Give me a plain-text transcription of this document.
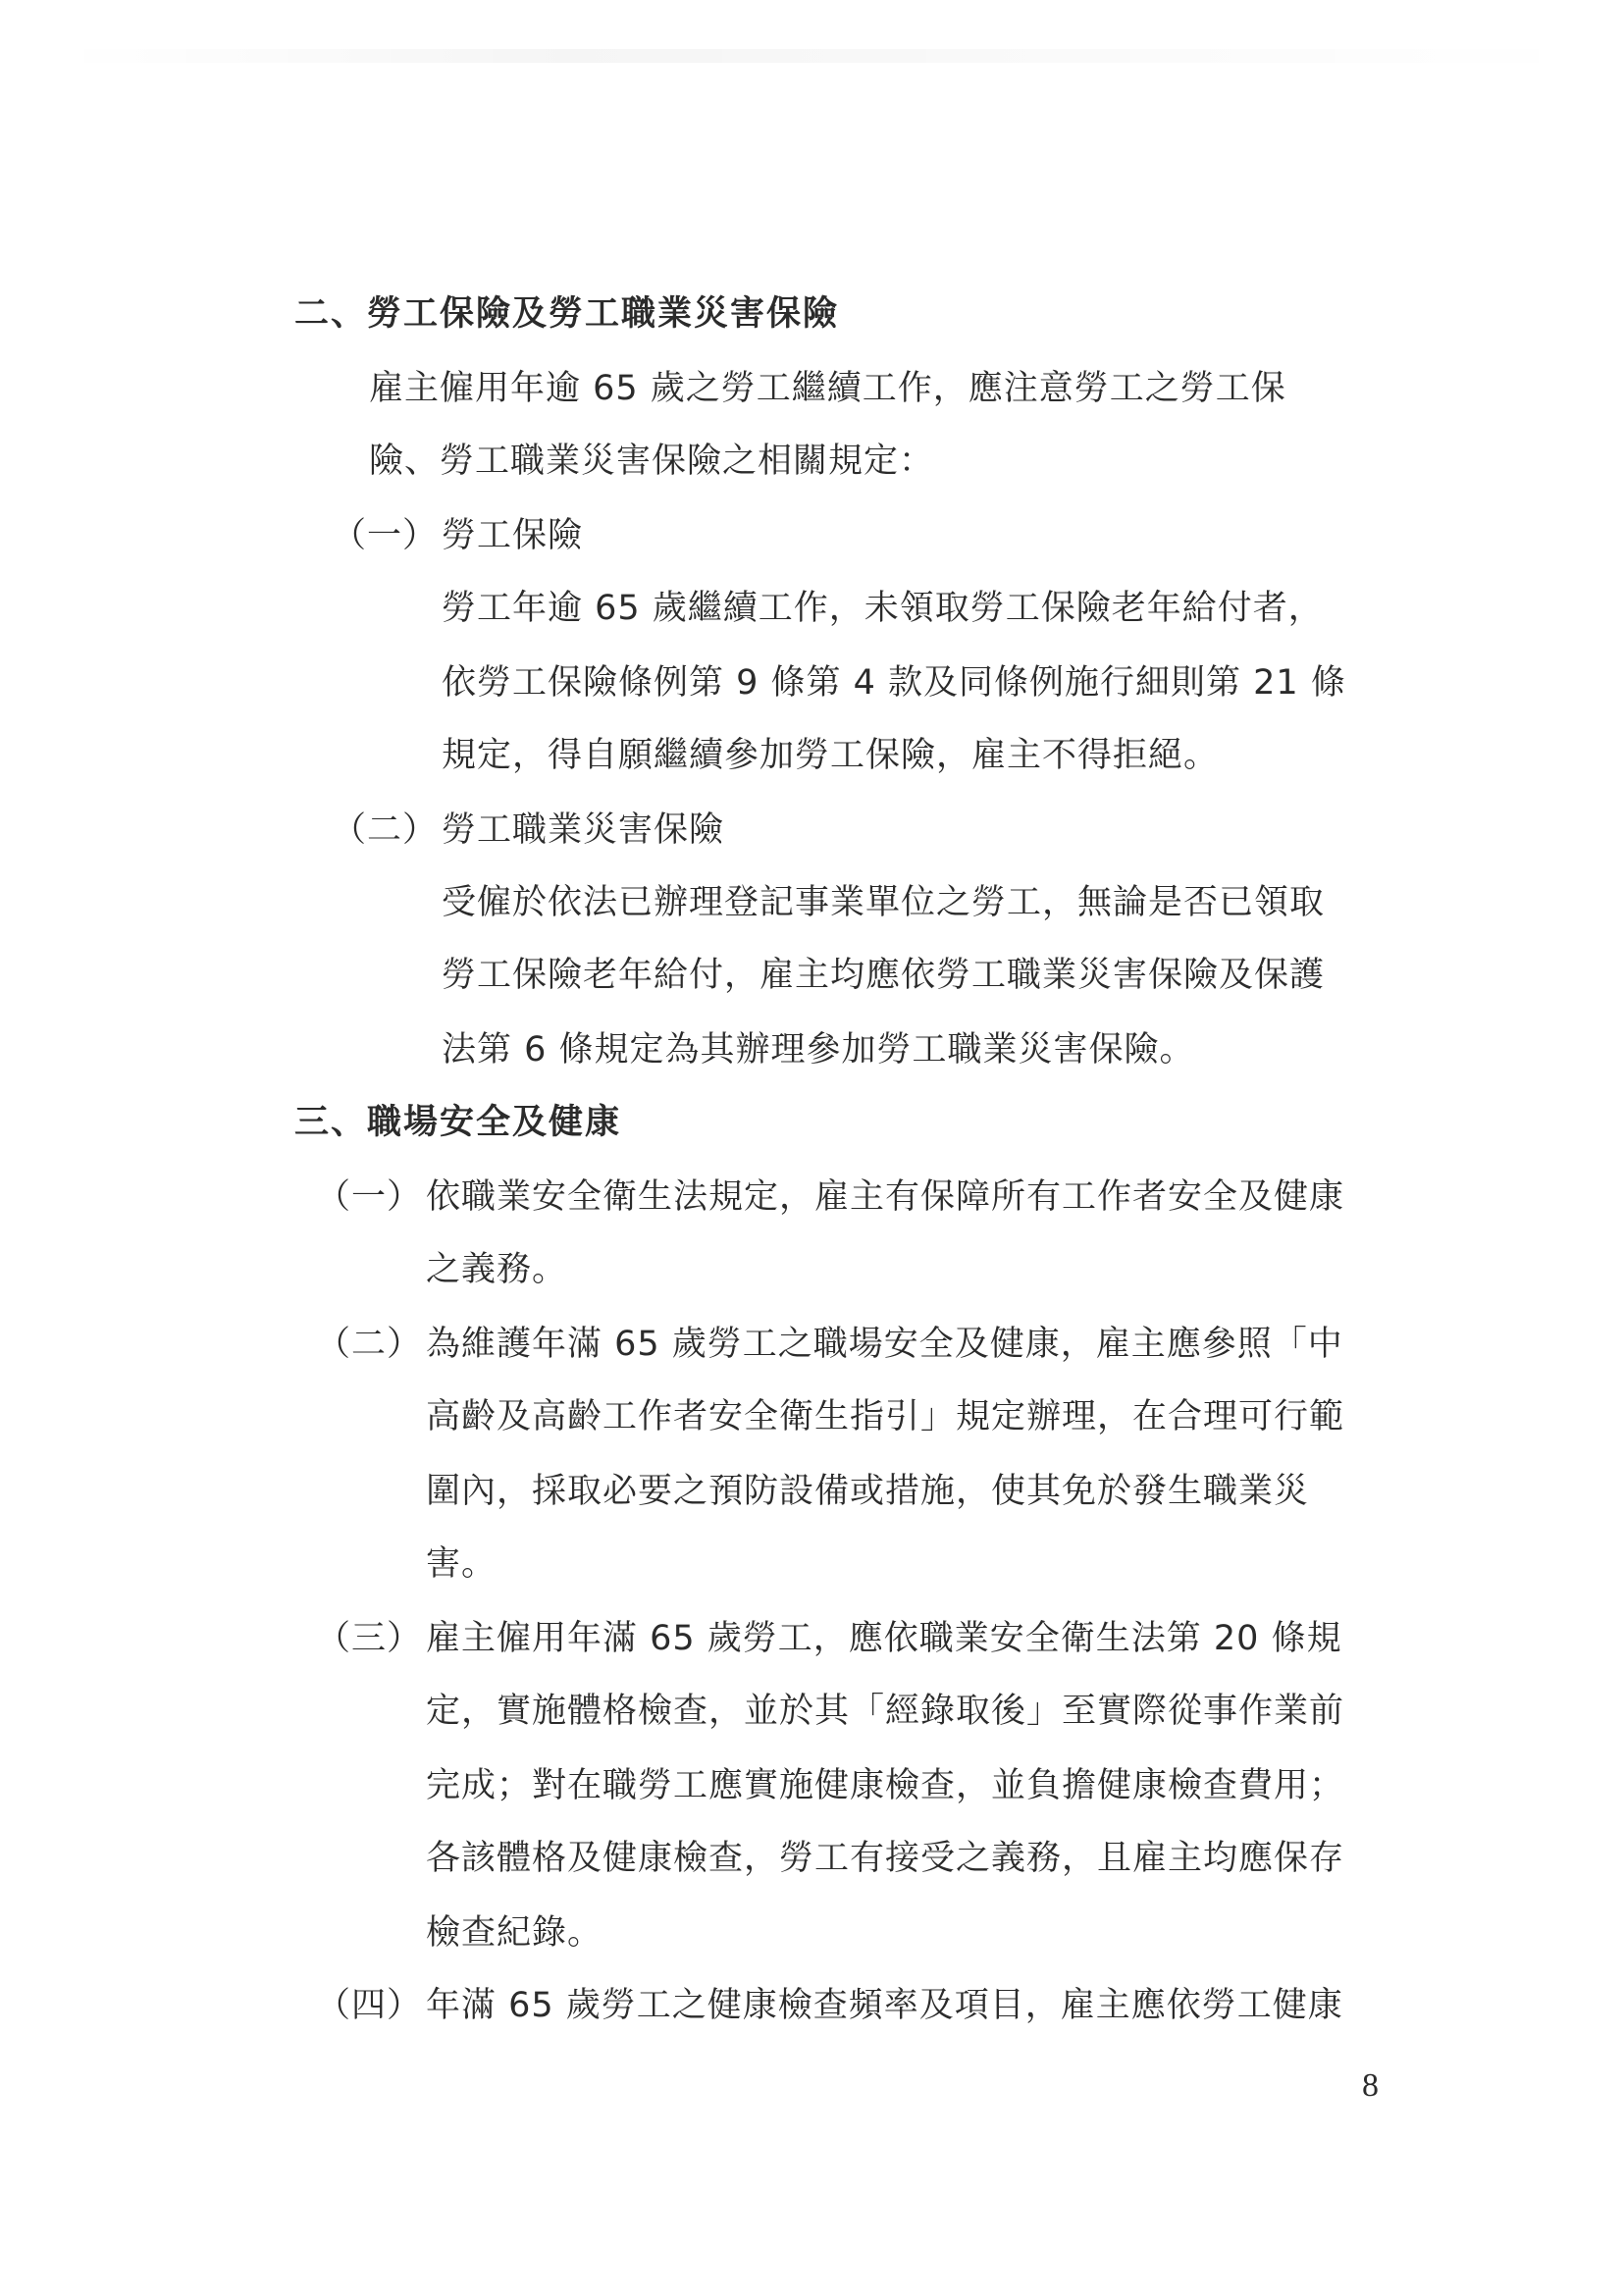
二、勞工保險及勞工職業災害保險
雇主僱用年逾 65 歲之勞工繼續工作，應注意勞工之勞工保
險、勞工職業災害保險之相關規定：
（一） 勞工保險
勞工年逾 65 歲繼續工作，未領取勞工保險老年給付者，
依勞工保險條例第 9 條第 4 款及同條例施行細則第 21 條
規定，得自願繼續參加勞工保險，雇主不得拒絕。
（二） 勞工職業災害保險
受僱於依法已辦理登記事業單位之勞工，無論是否已領取
勞工保險老年給付，雇主均應依勞工職業災害保險及保護
法第 6 條規定為其辦理參加勞工職業災害保險。
三、職場安全及健康
（一） 依職業安全衛生法規定，雇主有保障所有工作者安全及健康
之義務。
（二） 為維護年滿 65 歲勞工之職場安全及健康，雇主應參照「中
高齡及高齡工作者安全衛生指引」規定辦理，在合理可行範
圍內，採取必要之預防設備或措施，使其免於發生職業災
害。
（三） 雇主僱用年滿 65 歲勞工，應依職業安全衛生法第 20 條規
定，實施體格檢查，並於其「經錄取後」至實際從事作業前
完成；對在職勞工應實施健康檢查，並負擔健康檢查費用；
各該體格及健康檢查，勞工有接受之義務，且雇主均應保存
檢查紀錄。
（四） 年滿 65 歲勞工之健康檢查頻率及項目，雇主應依勞工健康
8
